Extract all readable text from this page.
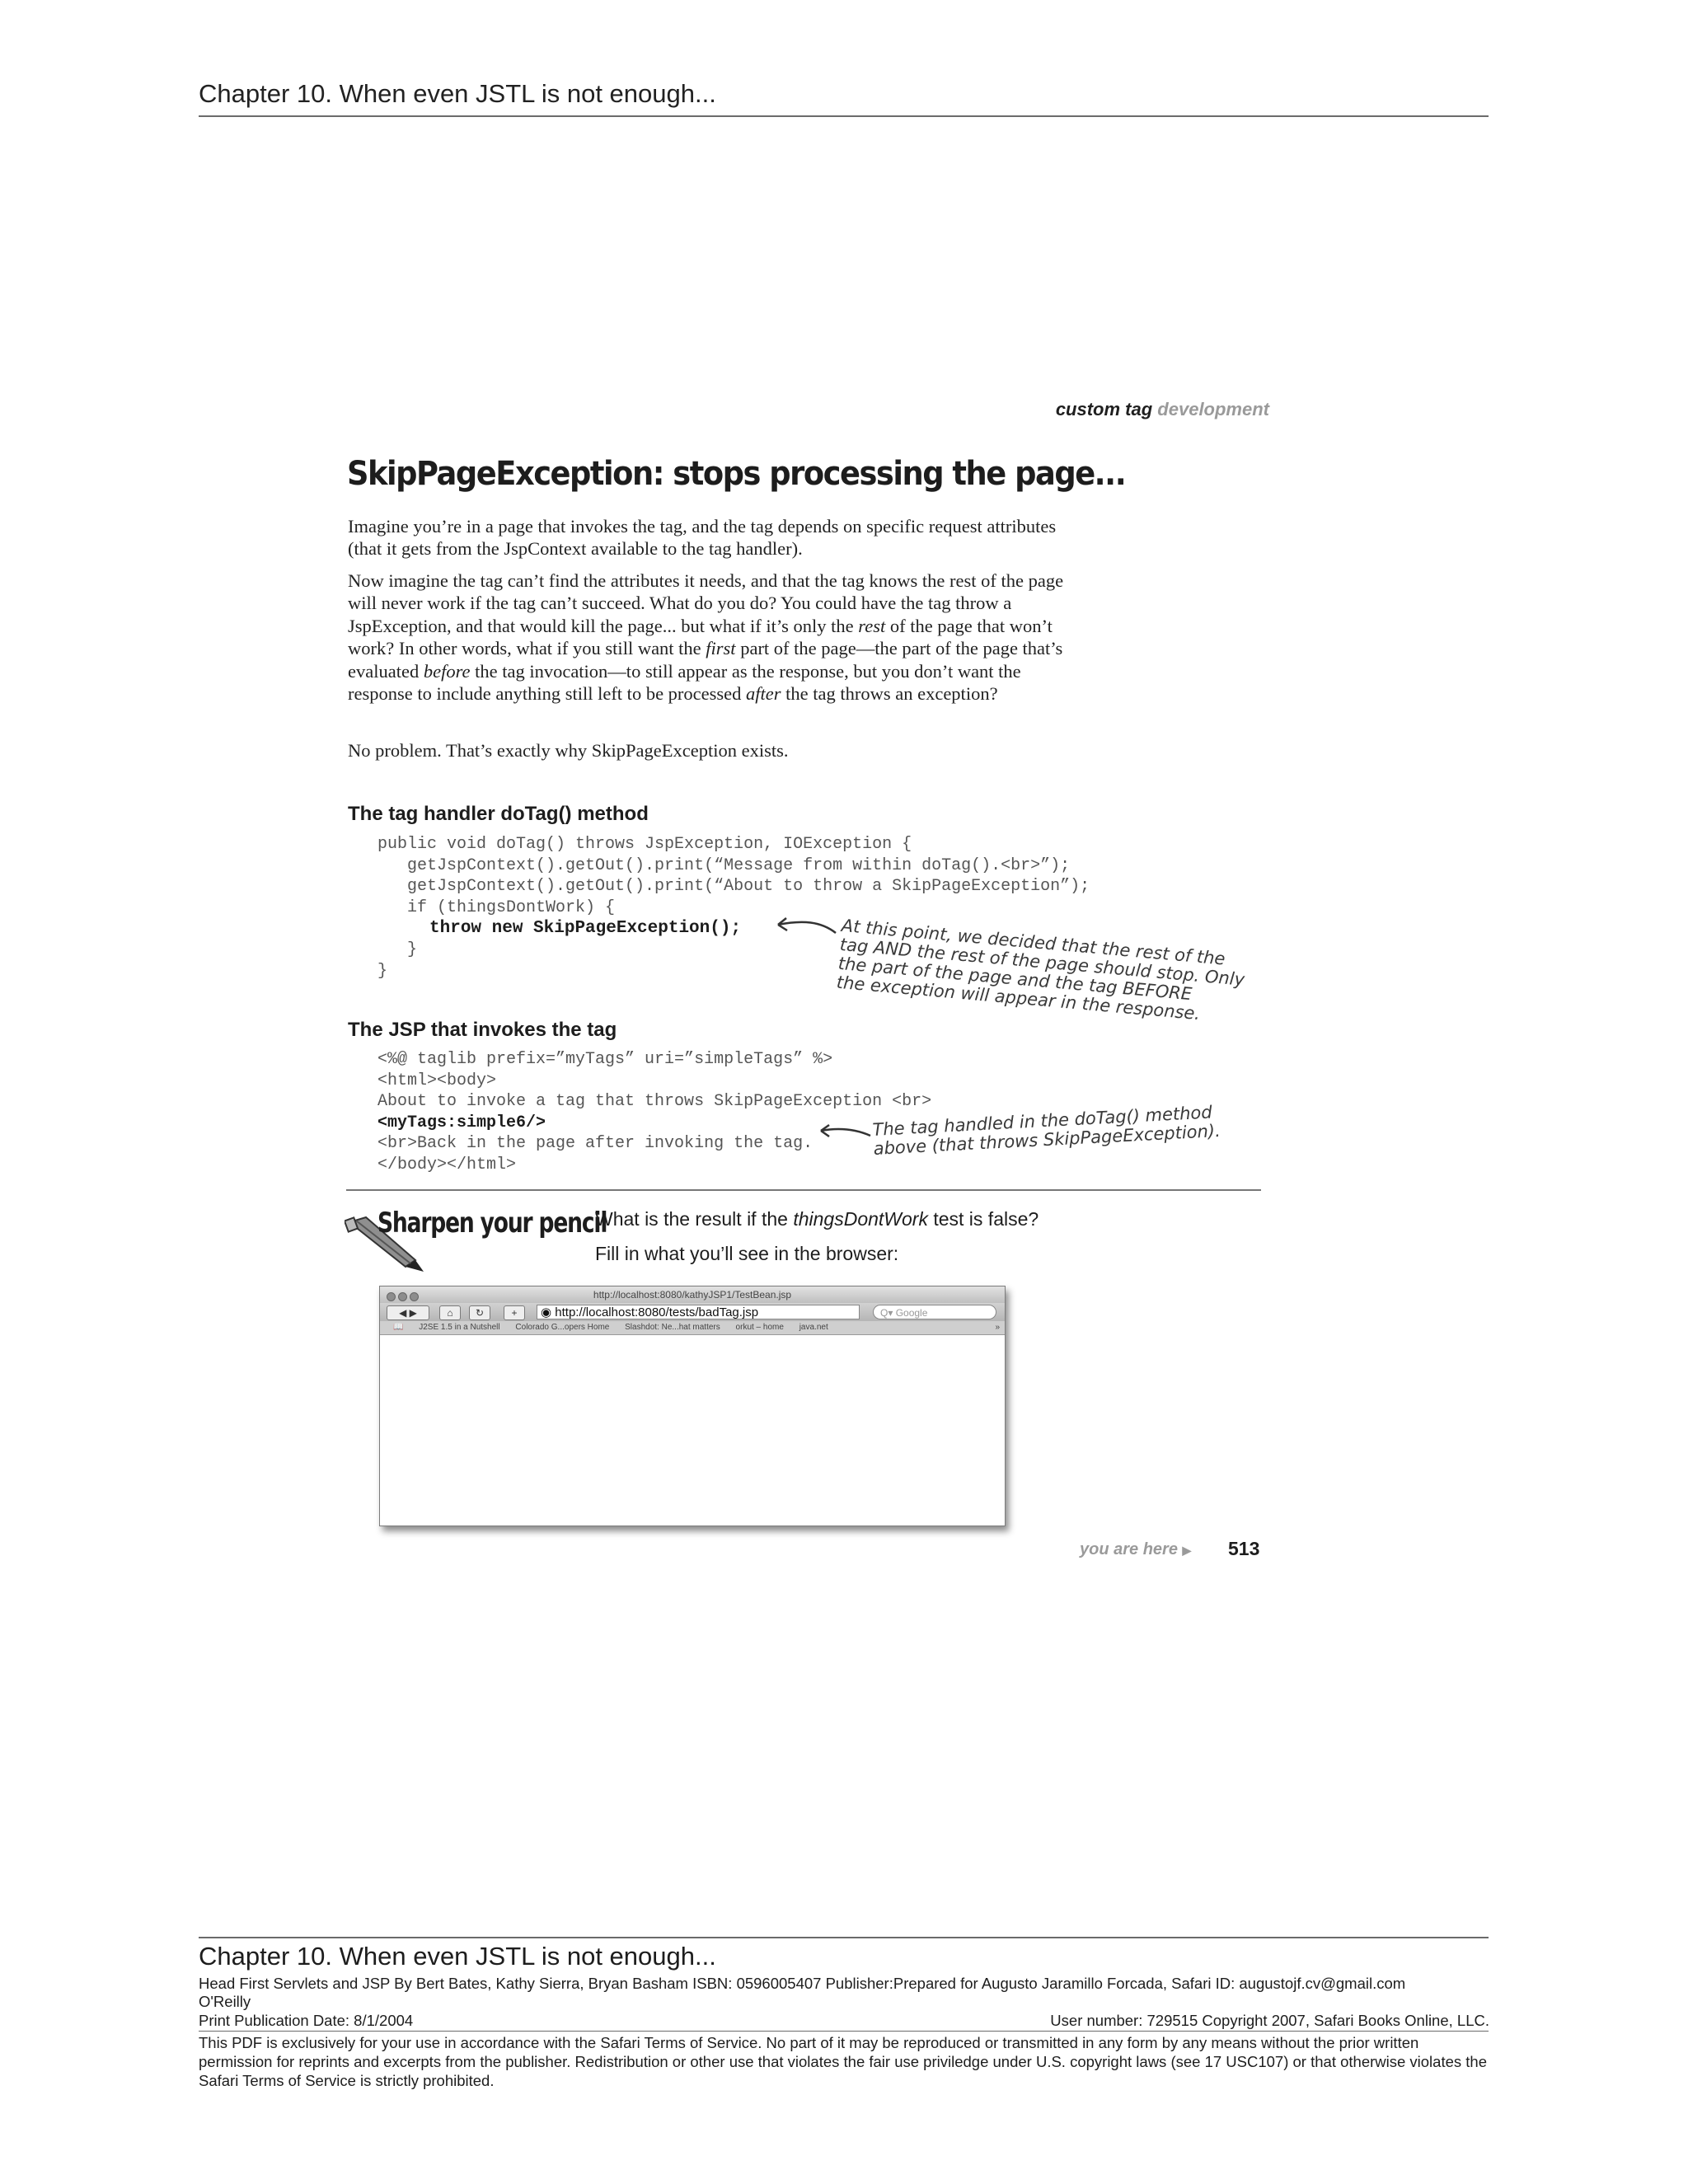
Chapter 10. When even JSTL is not enough...
custom tag development
SkipPageException: stops processing the page...
Imagine you’re in a page that invokes the tag, and the tag depends on specific request attributes (that it gets from the JspContext available to the tag handler).
Now imagine the tag can’t find the attributes it needs, and that the tag knows the rest of the page will never work if the tag can’t succeed. What do you do? You could have the tag throw a JspException, and that would kill the page... but what if it’s only the rest of the page that won’t work? In other words, what if you still want the first part of the page—the part of the page that’s evaluated before the tag invocation—to still appear as the response, but you don’t want the response to include anything still left to be processed after the tag throws an exception?
No problem. That’s exactly why SkipPageException exists.
The tag handler doTag() method
public void doTag() throws JspException, IOException {
getJspContext().getOut().print(“Message from within doTag().<br>”);
getJspContext().getOut().print(“About to throw a SkipPageException”);
if (thingsDontWork) {
throw new SkipPageException();
}
}
At this point, we decided that the rest of the
tag AND the rest of the page should stop. Only
the part of the page and the tag BEFORE
the exception will appear in the response.
The JSP that invokes the tag
<%@ taglib prefix=”myTags” uri=”simpleTags” %>
<html><body>
About to invoke a tag that throws SkipPageException <br>
<myTags:simple6/>
<br>Back in the page after invoking the tag.
</body></html>
The tag handled in the doTag() method
above (that throws SkipPageException).
Sharpen your pencil
What is the result if the thingsDontWork test is false?
Fill in what you’ll see in the browser:
http://localhost:8080/kathyJSP1/TestBean.jsp
◀ ▶	⌂	↻	+	◉ http://localhost:8080/tests/badTag.jsp	Q▾ Google
📖 J2SE 1.5 in a Nutshell Colorado G...opers Home Slashdot: Ne...hat matters orkut – home java.net	»
you are here ▶ 513
Chapter 10. When even JSTL is not enough...
Head First Servlets and JSP By Bert Bates, Kathy Sierra, Bryan Basham ISBN: 0596005407 Publisher:Prepared for Augusto Jaramillo Forcada, Safari ID: augustojf.cv@gmail.com
O'Reilly
Print Publication Date: 8/1/2004	User number: 729515 Copyright 2007, Safari Books Online, LLC.
This PDF is exclusively for your use in accordance with the Safari Terms of Service. No part of it may be reproduced or transmitted in any form by any means without the prior written permission for reprints and excerpts from the publisher. Redistribution or other use that violates the fair use priviledge under U.S. copyright laws (see 17 USC107) or that otherwise violates the Safari Terms of Service is strictly prohibited.
